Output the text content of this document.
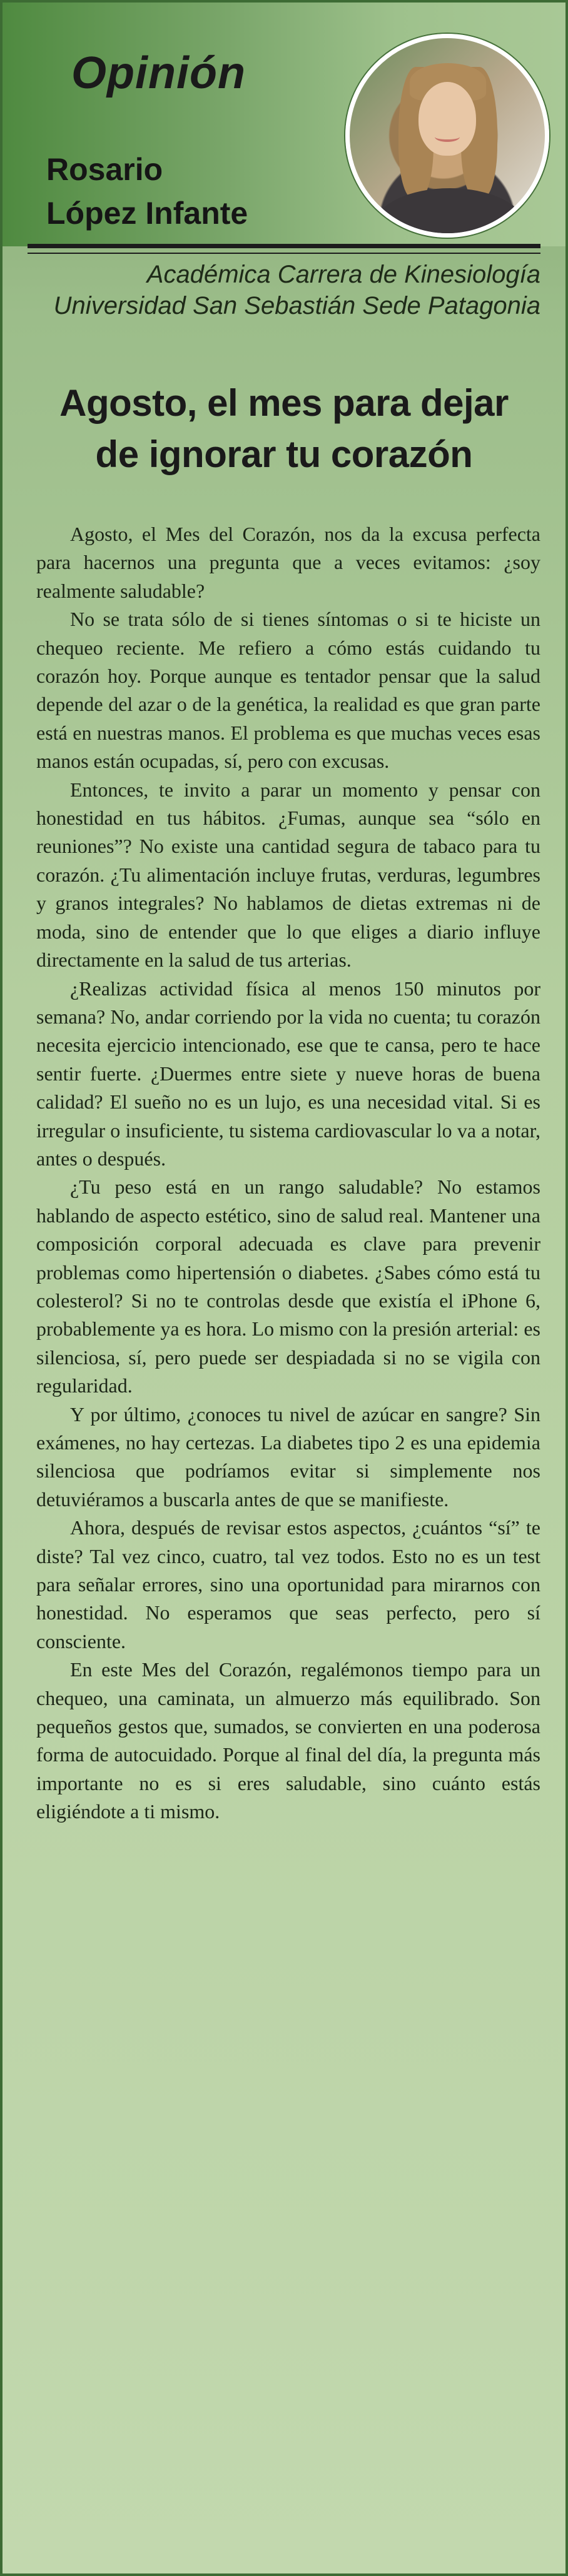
Opinión
Rosario
López Infante
Académica Carrera de Kinesiología
Universidad San Sebastián Sede Patagonia
Agosto, el mes para dejar
de ignorar tu corazón

Agosto, el Mes del Corazón, nos da la excusa perfecta para hacernos una pregunta que a veces evitamos: ¿soy realmente saludable?

No se trata sólo de si tienes síntomas o si te hiciste un chequeo reciente. Me refiero a cómo estás cuidando tu corazón hoy. Porque aunque es tentador pensar que la salud depende del azar o de la genética, la realidad es que gran parte está en nuestras manos. El problema es que muchas veces esas manos están ocupadas, sí, pero con excusas.

Entonces, te invito a parar un momento y pensar con honestidad en tus hábitos. ¿Fumas, aunque sea “sólo en reuniones”? No existe una cantidad segura de tabaco para tu corazón. ¿Tu alimentación incluye frutas, verduras, legumbres y granos integrales? No hablamos de dietas extremas ni de moda, sino de entender que lo que eliges a diario influye directamente en la salud de tus arterias.

¿Realizas actividad física al menos 150 minutos por semana? No, andar corriendo por la vida no cuenta; tu corazón necesita ejercicio intencionado, ese que te cansa, pero te hace sentir fuerte. ¿Duermes entre siete y nueve horas de buena calidad? El sueño no es un lujo, es una necesidad vital. Si es irregular o insuficiente, tu sistema cardiovascular lo va a notar, antes o después.

¿Tu peso está en un rango saludable? No estamos hablando de aspecto estético, sino de salud real. Mantener una composición corporal adecuada es clave para prevenir problemas como hipertensión o diabetes. ¿Sabes cómo está tu colesterol? Si no te controlas desde que existía el iPhone 6, probablemente ya es hora. Lo mismo con la presión arterial: es silenciosa, sí, pero puede ser despiadada si no se vigila con regularidad.

Y por último, ¿conoces tu nivel de azúcar en sangre? Sin exámenes, no hay certezas. La diabetes tipo 2 es una epidemia silenciosa que podríamos evitar si simplemente nos detuviéramos a buscarla antes de que se manifieste.

Ahora, después de revisar estos aspectos, ¿cuántos “sí” te diste? Tal vez cinco, cuatro, tal vez todos. Esto no es un test para señalar errores, sino una oportunidad para mirarnos con honestidad. No esperamos que seas perfecto, pero sí consciente.

En este Mes del Corazón, regalémonos tiempo para un chequeo, una caminata, un almuerzo más equilibrado. Son pequeños gestos que, sumados, se convierten en una poderosa forma de autocuidado. Porque al final del día, la pregunta más importante no es si eres saludable, sino cuánto estás eligiéndote a ti mismo.
